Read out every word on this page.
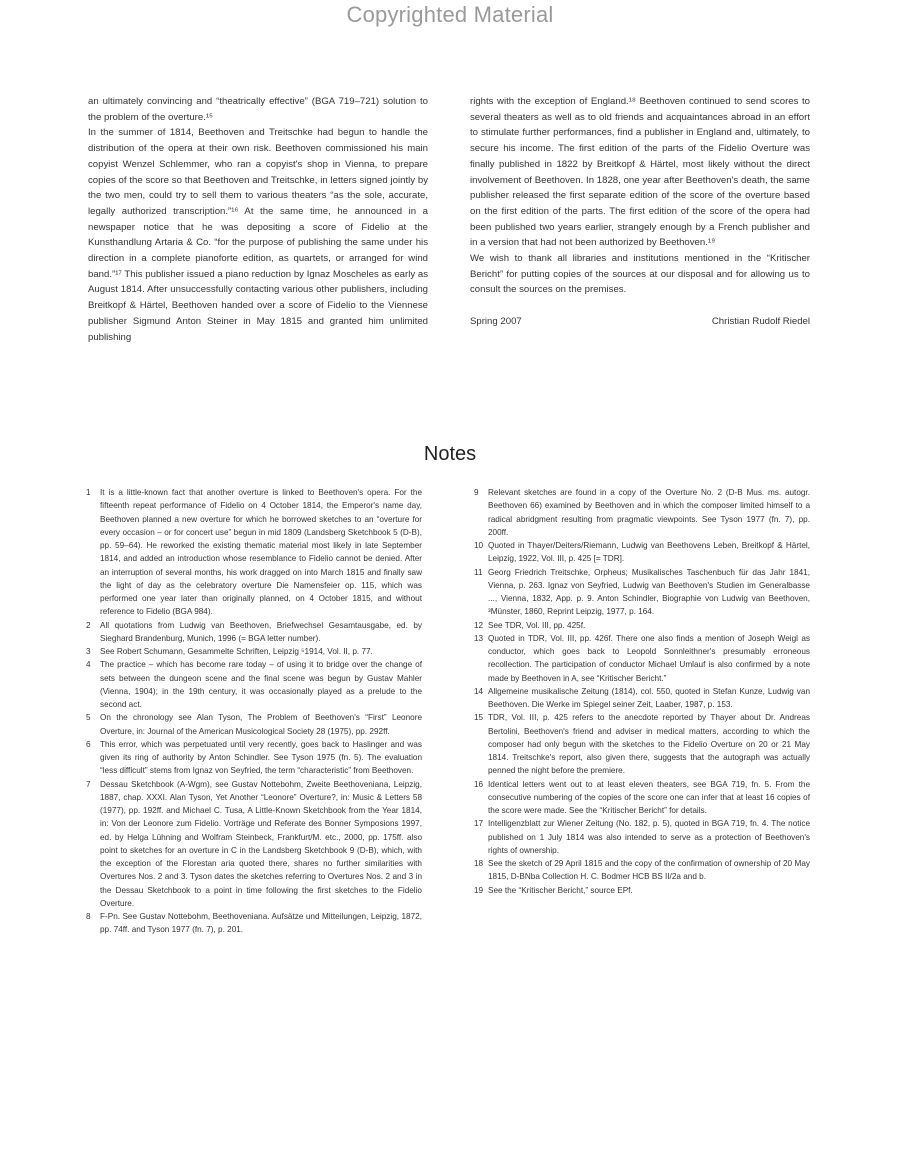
Copyrighted Material

an ultimately convincing and “theatrically effective” (BGA 719–721) solution to the problem of the overture.¹⁵

In the summer of 1814, Beethoven and Treitschke had begun to handle the distribution of the opera at their own risk. Beethoven commissioned his main copyist Wenzel Schlemmer, who ran a copyist's shop in Vienna, to prepare copies of the score so that Beethoven and Treitschke, in letters signed jointly by the two men, could try to sell them to various theaters “as the sole, accurate, legally authorized transcription.”¹⁶ At the same time, he announced in a newspaper notice that he was depositing a score of Fidelio at the Kunsthandlung Artaria & Co. “for the purpose of publishing the same under his direction in a complete pianoforte edition, as quartets, or arranged for wind band.”¹⁷ This publisher issued a piano reduction by Ignaz Moscheles as early as August 1814. After unsuccessfully contacting various other publishers, including Breitkopf & Härtel, Beethoven handed over a score of Fidelio to the Viennese publisher Sigmund Anton Steiner in May 1815 and granted him unlimited publishing

rights with the exception of England.¹⁸ Beethoven continued to send scores to several theaters as well as to old friends and acquaintances abroad in an effort to stimulate further performances, find a publisher in England and, ultimately, to secure his income. The first edition of the parts of the Fidelio Overture was finally published in 1822 by Breitkopf & Härtel, most likely without the direct involvement of Beethoven. In 1828, one year after Beethoven's death, the same publisher released the first separate edition of the score of the overture based on the first edition of the parts. The first edition of the score of the opera had been published two years earlier, strangely enough by a French publisher and in a version that had not been authorized by Beethoven.¹⁹

We wish to thank all libraries and institutions mentioned in the “Kritischer Bericht” for putting copies of the sources at our disposal and for allowing us to consult the sources on the premises.

Spring 2007	Christian Rudolf Riedel
Notes
1	It is a little-known fact that another overture is linked to Beethoven's opera. For the fifteenth repeat performance of Fidelio on 4 October 1814, the Emperor's name day, Beethoven planned a new overture for which he borrowed sketches to an “overture for every occasion – or for concert use” begun in mid 1809 (Landsberg Sketchbook 5 (D-B), pp. 59–64). He reworked the existing thematic material most likely in late September 1814, and added an introduction whose resemblance to Fidelio cannot be denied. After an interruption of several months, his work dragged on into March 1815 and finally saw the light of day as the celebratory overture Die Namensfeier op. 115, which was performed one year later than originally planned, on 4 October 1815, and without reference to Fidelio (BGA 984).
2	All quotations from Ludwig van Beethoven, Briefwechsel Gesamtausgabe, ed. by Sieghard Brandenburg, Munich, 1996 (= BGA letter number).
3	See Robert Schumann, Gesammelte Schriften, Leipzig ⁵1914, Vol. II, p. 77.
4	The practice – which has become rare today – of using it to bridge over the change of sets between the dungeon scene and the final scene was begun by Gustav Mahler (Vienna, 1904); in the 19th century, it was occasionally played as a prelude to the second act.
5	On the chronology see Alan Tyson, The Problem of Beethoven's “First” Leonore Overture, in: Journal of the American Musicological Society 28 (1975), pp. 292ff.
6	This error, which was perpetuated until very recently, goes back to Haslinger and was given its ring of authority by Anton Schindler. See Tyson 1975 (fn. 5). The evaluation “less difficult” stems from Ignaz von Seyfried, the term “characteristic” from Beethoven.
7	Dessau Sketchbook (A-Wgm), see Gustav Nottebohm, Zweite Beethoveniana, Leipzig, 1887, chap. XXXI. Alan Tyson, Yet Another “Leonore” Overture?, in: Music & Letters 58 (1977), pp. 192ff. and Michael C. Tusa, A Little-Known Sketchbook from the Year 1814, in: Von der Leonore zum Fidelio. Vorträge und Referate des Bonner Symposions 1997, ed. by Helga Lühning and Wolfram Steinbeck, Frankfurt/M. etc., 2000, pp. 175ff. also point to sketches for an overture in C in the Landsberg Sketchbook 9 (D-B), which, with the exception of the Florestan aria quoted there, shares no further similarities with Overtures Nos. 2 and 3. Tyson dates the sketches referring to Overtures Nos. 2 and 3 in the Dessau Sketchbook to a point in time following the first sketches to the Fidelio Overture.
8	F-Pn. See Gustav Nottebohm, Beethoveniana. Aufsätze und Mitteilungen, Leipzig, 1872, pp. 74ff. and Tyson 1977 (fn. 7), p. 201.
9	Relevant sketches are found in a copy of the Overture No. 2 (D-B Mus. ms. autogr. Beethoven 66) examined by Beethoven and in which the composer limited himself to a radical abridgment resulting from pragmatic viewpoints. See Tyson 1977 (fn. 7), pp. 200ff.
10 Quoted in Thayer/Deiters/Riemann, Ludwig van Beethovens Leben, Breitkopf & Härtel, Leipzig, 1922, Vol. III, p. 425 [= TDR].
11 Georg Friedrich Treitschke, Orpheus; Musikalisches Taschenbuch für das Jahr 1841, Vienna, p. 263. Ignaz von Seyfried, Ludwig van Beethoven's Studien im Generalbasse ..., Vienna, 1832, App. p. 9. Anton Schindler, Biographie von Ludwig van Beethoven, ³Münster, 1860, Reprint Leipzig, 1977, p. 164.
12 See TDR, Vol. III, pp. 425f.
13 Quoted in TDR, Vol. III, pp. 426f. There one also finds a mention of Joseph Weigl as conductor, which goes back to Leopold Sonnleithner's presumably erroneous recollection. The participation of conductor Michael Umlauf is also confirmed by a note made by Beethoven in A, see “Kritischer Bericht.”
14 Allgemeine musikalische Zeitung (1814), col. 550, quoted in Stefan Kunze, Ludwig van Beethoven. Die Werke im Spiegel seiner Zeit, Laaber, 1987, p. 153.
15 TDR, Vol. III, p. 425 refers to the anecdote reported by Thayer about Dr. Andreas Bertolini, Beethoven's friend and adviser in medical matters, according to which the composer had only begun with the sketches to the Fidelio Overture on 20 or 21 May 1814. Treitschke's report, also given there, suggests that the autograph was actually penned the night before the premiere.
16 Identical letters went out to at least eleven theaters, see BGA 719, fn. 5. From the consecutive numbering of the copies of the score one can infer that at least 16 copies of the score were made. See the “Kritischer Bericht” for details.
17 Intelligenzblatt zur Wiener Zeitung (No. 182, p. 5), quoted in BGA 719, fn. 4. The notice published on 1 July 1814 was also intended to serve as a protection of Beethoven's rights of ownership.
18 See the sketch of 29 April 1815 and the copy of the confirmation of ownership of 20 May 1815, D-BNba Collection H. C. Bodmer HCB BS II/2a and b.
19 See the “Kritischer Bericht,” source EPf.
